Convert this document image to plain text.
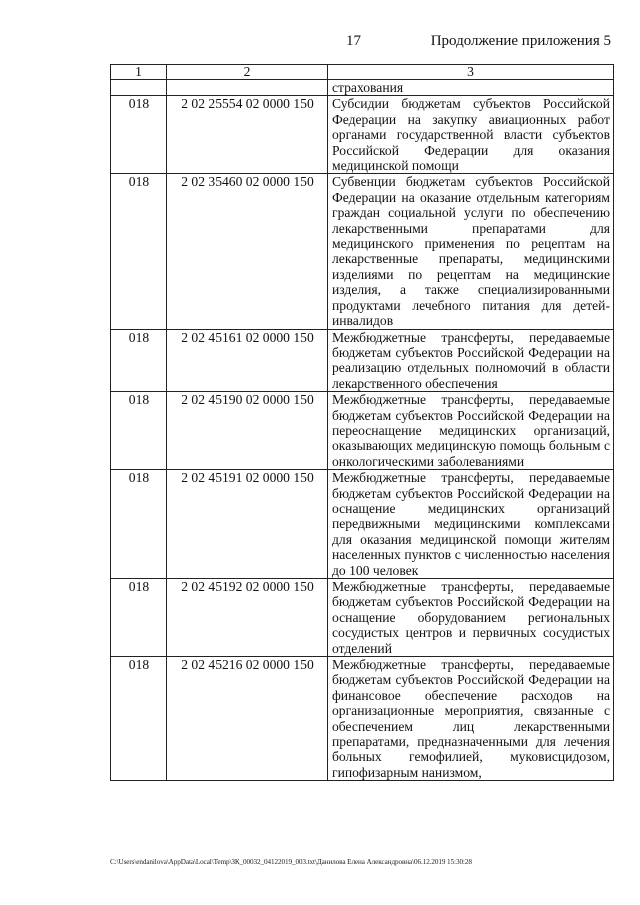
17	Продолжение приложения 5
1	2	3
		страхования
018	2 02 25554 02 0000 150	Субсидии бюджетам субъектов Российской Федерации на закупку авиационных работ органами государственной власти субъектов Российской Федерации для оказания медицинской помощи
018	2 02 35460 02 0000 150	Субвенции бюджетам субъектов Российской Федерации на оказание отдельным категориям граждан социальной услуги по обеспечению лекарственными препаратами для медицинского применения по рецептам на лекарственные препараты, медицинскими изделиями по рецептам на медицинские изделия, а также специализированными продуктами лечебного питания для детей-инвалидов
018	2 02 45161 02 0000 150	Межбюджетные трансферты, передаваемые бюджетам субъектов Российской Федерации на реализацию отдельных полномочий в области лекарственного обеспечения
018	2 02 45190 02 0000 150	Межбюджетные трансферты, передаваемые бюджетам субъектов Российской Федерации на переоснащение медицинских организаций, оказывающих медицинскую помощь больным с онкологическими заболеваниями
018	2 02 45191 02 0000 150	Межбюджетные трансферты, передаваемые бюджетам субъектов Российской Федерации на оснащение медицинских организаций передвижными медицинскими комплексами для оказания медицинской помощи жителям населенных пунктов с численностью населения до 100 человек
018	2 02 45192 02 0000 150	Межбюджетные трансферты, передаваемые бюджетам субъектов Российской Федерации на оснащение оборудованием региональных сосудистых центров и первичных сосудистых отделений
018	2 02 45216 02 0000 150	Межбюджетные трансферты, передаваемые бюджетам субъектов Российской Федерации на финансовое обеспечение расходов на организационные мероприятия, связанные с обеспечением лиц лекарственными препаратами, предназначенными для лечения больных гемофилией, муковисцидозом, гипофизарным нанизмом,
C:\Users\endanilova\AppData\Local\Temp\ЗК_00032_04122019_003.txt\Данилова Елена Александровна\06.12.2019 15:30:28
